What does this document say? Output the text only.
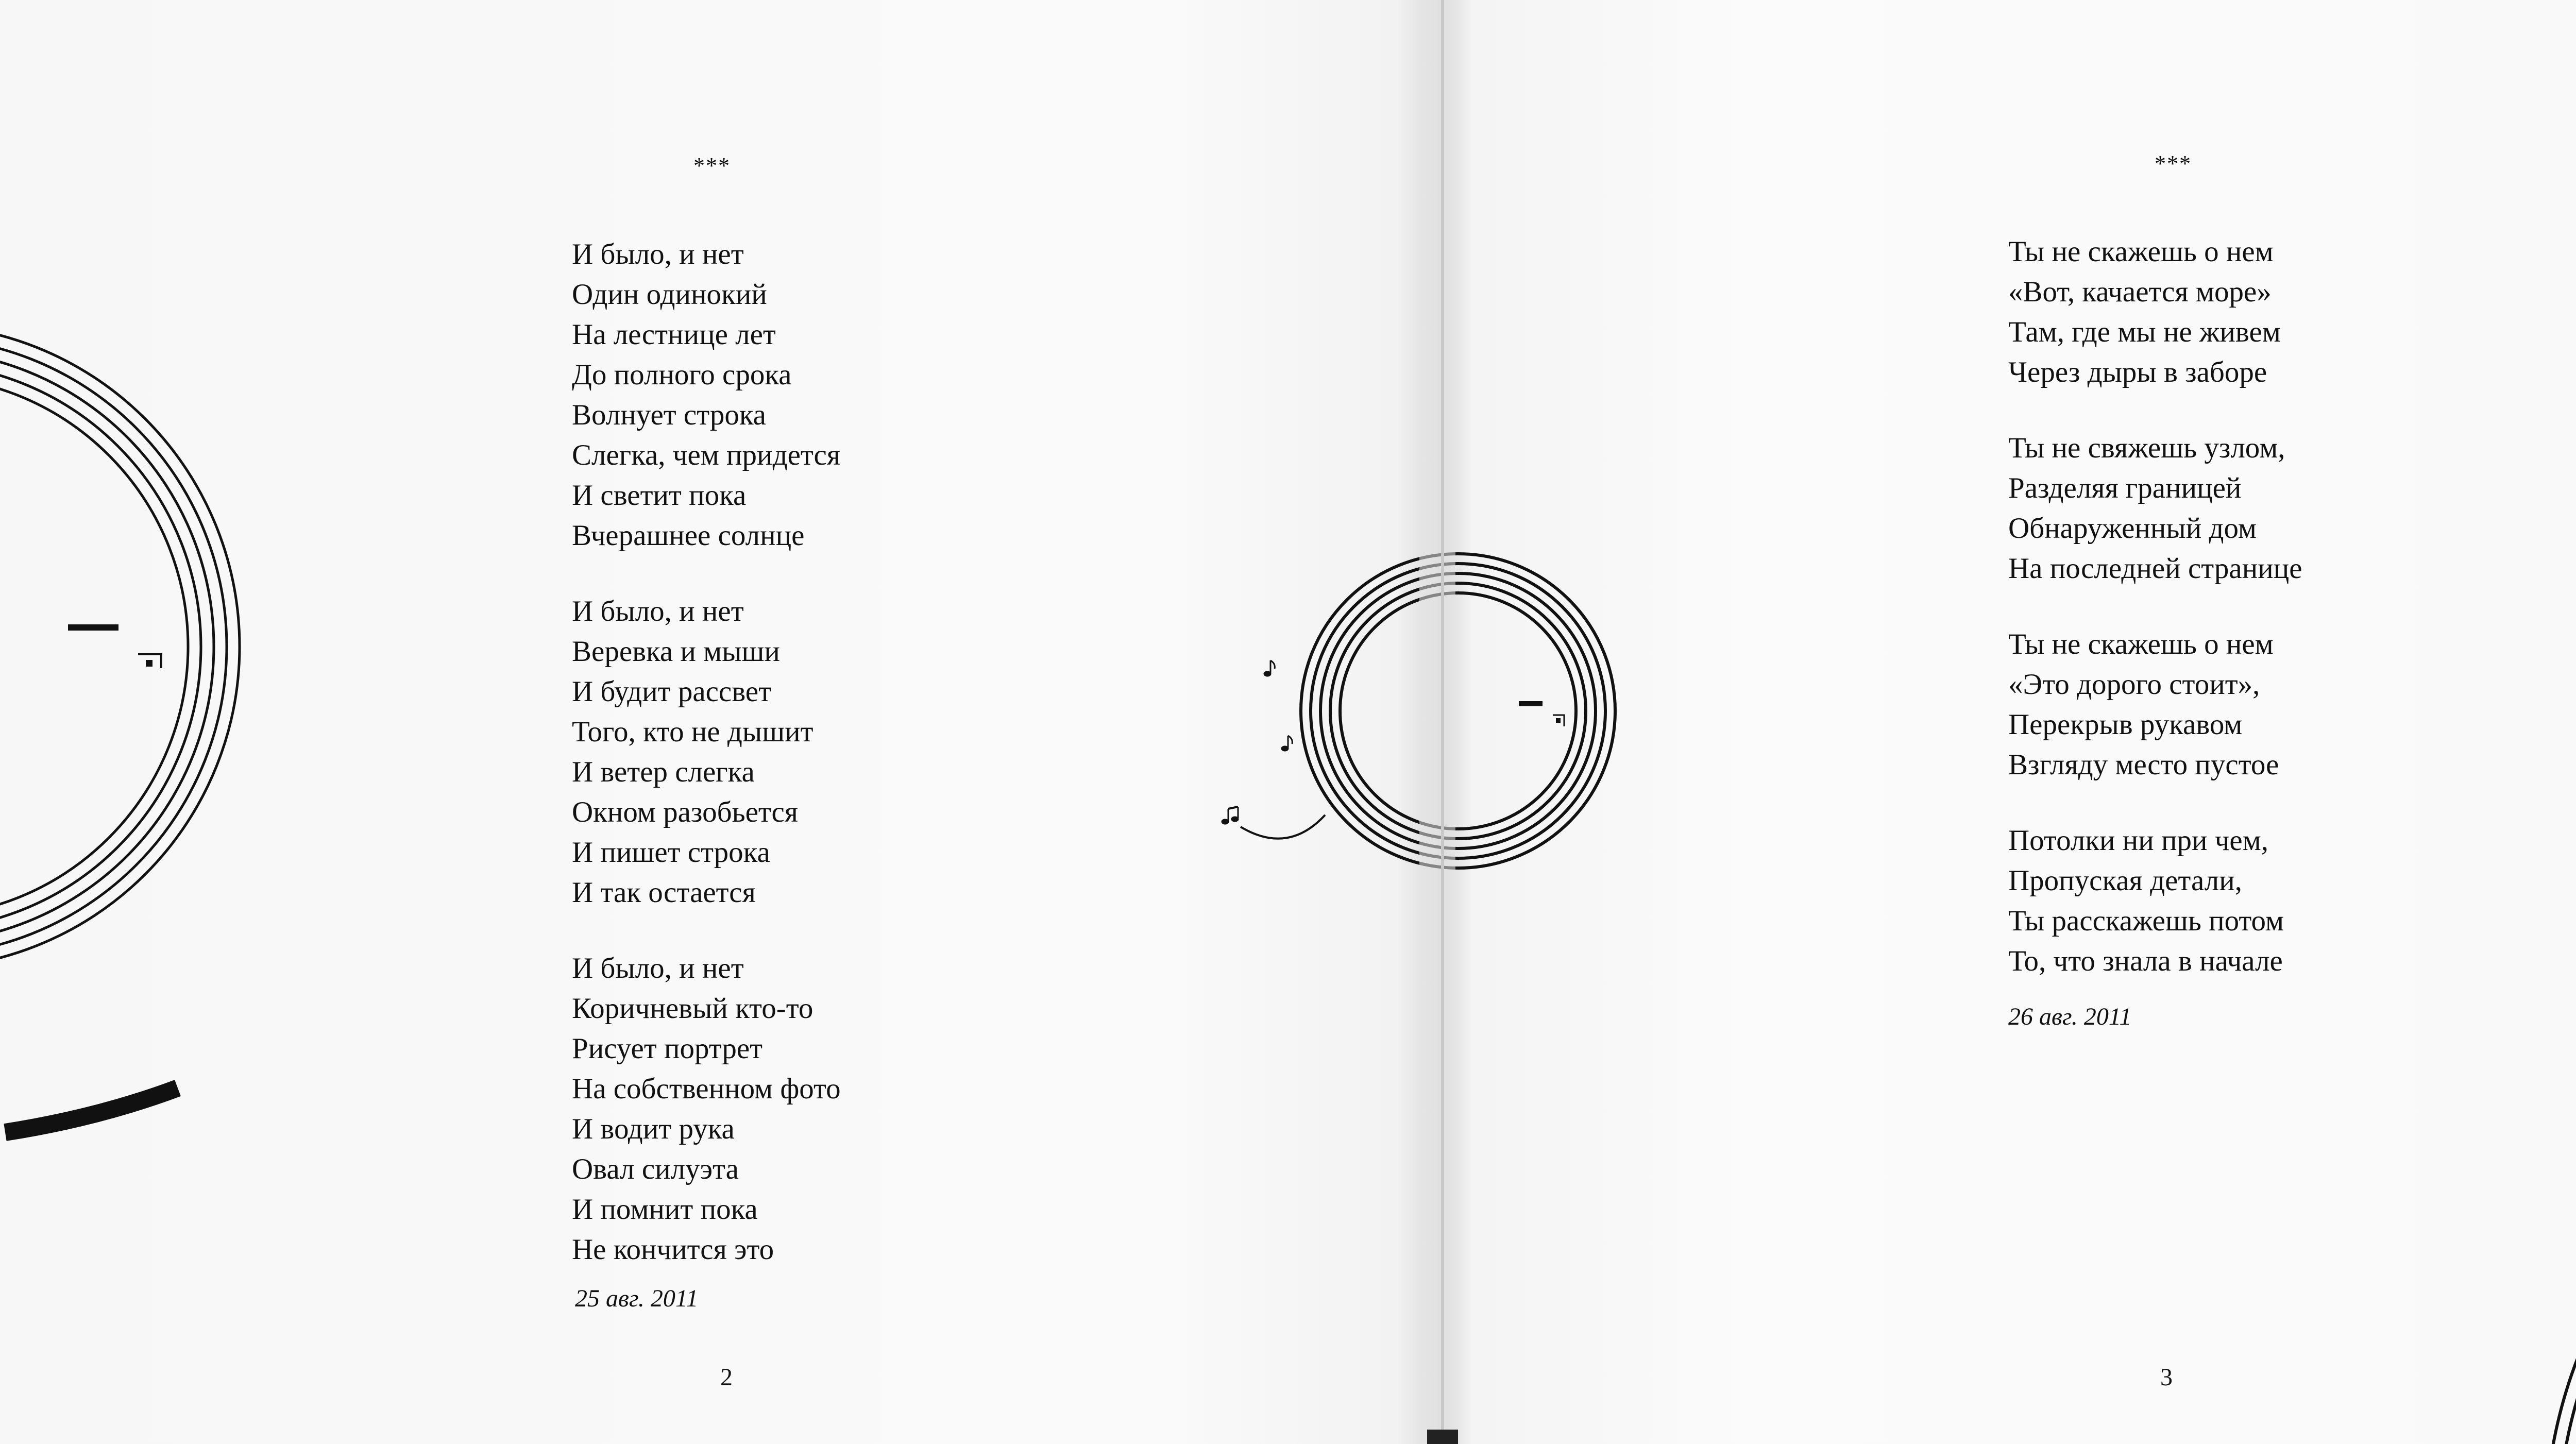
***
И было, и нет
Один одинокий
На лестнице лет
До полного срока
Волнует строка
Слегка, чем придется
И светит пока
Вчерашнее солнце
И было, и нет
Веревка и мыши
И будит рассвет
Того, кто не дышит
И ветер слегка
Окном разобьется
И пишет строка
И так остается
И было, и нет
Коричневый кто-то
Рисует портрет
На собственном фото
И водит рука
Овал силуэта
И помнит пока
Не кончится это
25 авг. 2011
2
***
Ты не скажешь о нем
«Вот, качается море»
Там, где мы не живем
Через дыры в заборе
Ты не свяжешь узлом,
Разделяя границей
Обнаруженный дом
На последней странице
Ты не скажешь о нем
«Это дорого стоит»,
Перекрыв рукавом
Взгляду место пустое
Потолки ни при чем,
Пропуская детали,
Ты расскажешь потом
То, что знала в начале
26 авг. 2011
3
